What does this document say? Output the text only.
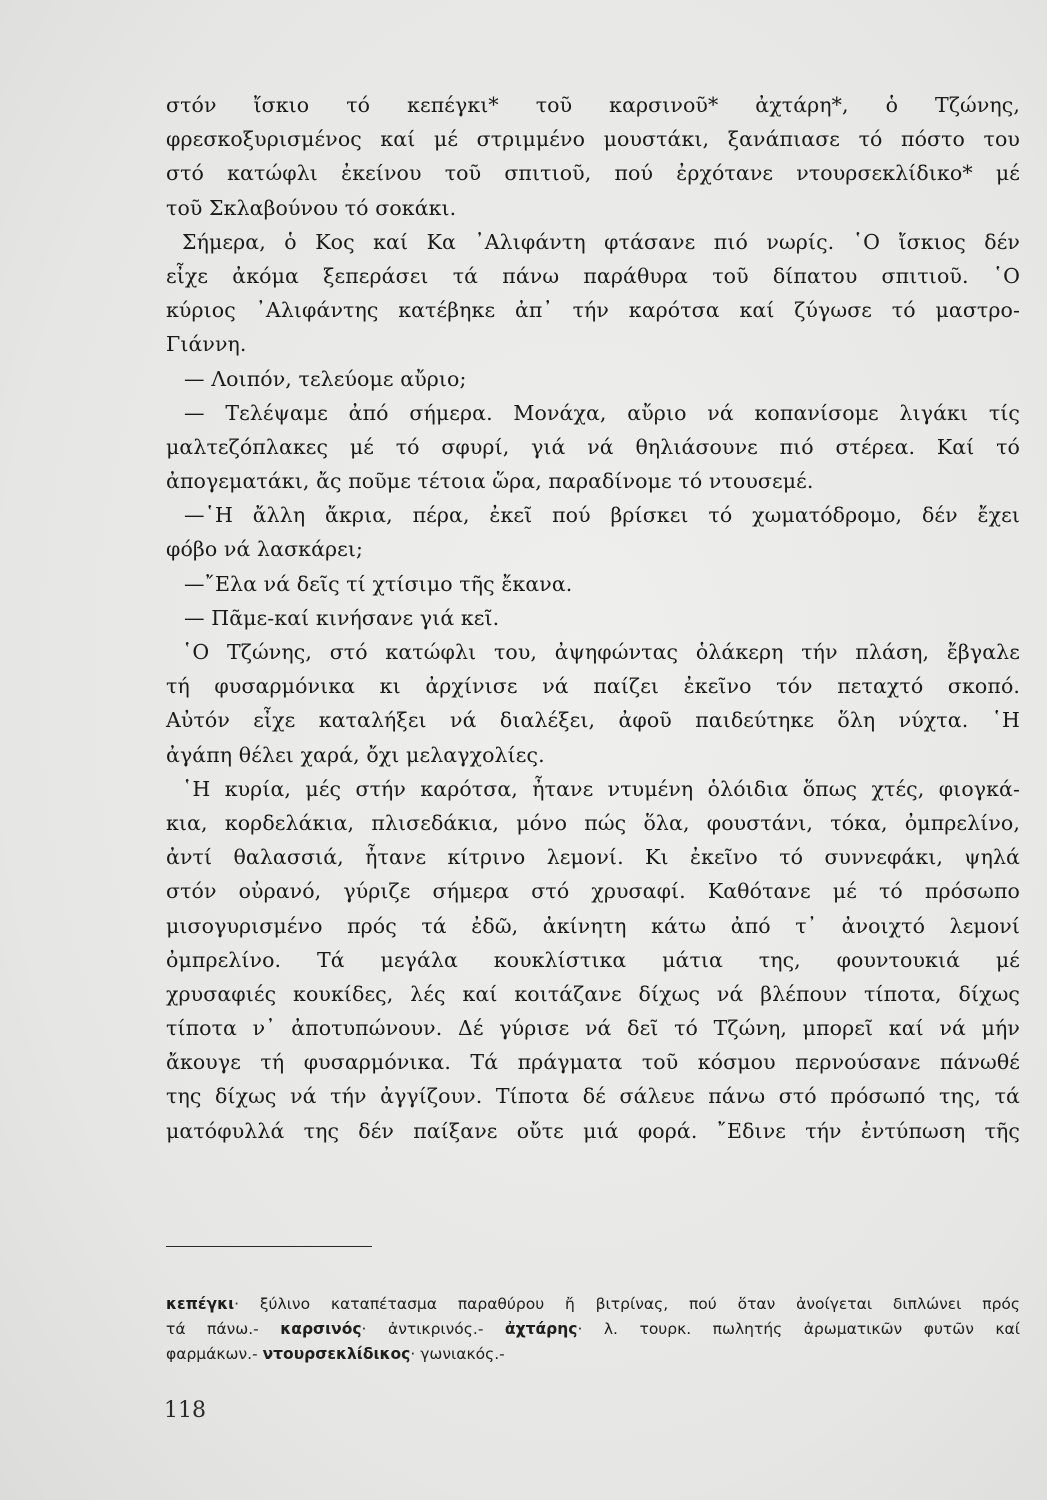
στόν ἴσκιο τό κεπέγκι* τοῦ καρσινοῦ* ἀχτάρη*, ὁ Τζώνης,
φρεσκοξυρισμένος καί μέ στριμμένο μουστάκι, ξανάπιασε τό πόστο του
στό κατώφλι ἐκείνου τοῦ σπιτιοῦ, πού ἐρχότανε ντουρσεκλίδικο* μέ
τοῦ Σκλαβούνου τό σοκάκι.
Σήμερα, ὁ Κος καί Κα ᾿Αλιφάντη φτάσανε πιό νωρίς. ῾Ο ἴσκιος δέν
εἶχε ἀκόμα ξεπεράσει τά πάνω παράθυρα τοῦ δίπατου σπιτιοῦ. ῾Ο
κύριος ᾿Αλιφάντης κατέβηκε ἀπ᾿ τήν καρότσα καί ζύγωσε τό μαστρο-
Γιάννη.
— Λοιπόν, τελεύομε αὔριο;
— Τελέψαμε ἀπό σήμερα. Μονάχα, αὔριο νά κοπανίσομε λιγάκι τίς
μαλτεζόπλακες μέ τό σφυρί, γιά νά θηλιάσουνε πιό στέρεα. Καί τό
ἀπογεματάκι, ἄς ποῦμε τέτοια ὥρα, παραδίνομε τό ντουσεμέ.
—῾Η ἄλλη ἄκρια, πέρα, ἐκεῖ πού βρίσκει τό χωματόδρομο, δέν ἔχει
φόβο νά λασκάρει;
—῎Ελα νά δεῖς τί χτίσιμο τῆς ἔκανα.
— Πᾶμε-καί κινήσανε γιά κεῖ.
῾Ο Τζώνης, στό κατώφλι του, ἀψηφώντας ὁλάκερη τήν πλάση, ἔβγαλε
τή φυσαρμόνικα κι ἀρχίνισε νά παίζει ἐκεῖνο τόν πεταχτό σκοπό.
Αὐτόν εἶχε καταλήξει νά διαλέξει, ἀφοῦ παιδεύτηκε ὅλη νύχτα. ῾Η
ἀγάπη θέλει χαρά, ὄχι μελαγχολίες.
῾Η κυρία, μές στήν καρότσα, ἦτανε ντυμένη ὁλόιδια ὅπως χτές, φιογκά-
κια, κορδελάκια, πλισεδάκια, μόνο πώς ὅλα, φουστάνι, τόκα, ὀμπρελίνο,
ἀντί θαλασσιά, ἦτανε κίτρινο λεμονί. Κι ἐκεῖνο τό συννεφάκι, ψηλά
στόν οὐρανό, γύριζε σήμερα στό χρυσαφί. Καθότανε μέ τό πρόσωπο
μισογυρισμένο πρός τά ἐδῶ, ἀκίνητη κάτω ἀπό τ᾿ ἀνοιχτό λεμονί
ὀμπρελίνο. Τά μεγάλα κουκλίστικα μάτια της, φουντουκιά μέ
χρυσαφιές κουκίδες, λές καί κοιτάζανε δίχως νά βλέπουν τίποτα, δίχως
τίποτα ν᾿ ἀποτυπώνουν. Δέ γύρισε νά δεῖ τό Τζώνη, μπορεῖ καί νά μήν
ἄκουγε τή φυσαρμόνικα. Τά πράγματα τοῦ κόσμου περνούσανε πάνωθέ
της δίχως νά τήν ἀγγίζουν. Τίποτα δέ σάλευε πάνω στό πρόσωπό της, τά
ματόφυλλά της δέν παίξανε οὔτε μιά φορά. ῎Εδινε τήν ἐντύπωση τῆς
κεπέγκι· ξύλινο καταπέτασμα παραθύρου ἤ βιτρίνας, πού ὅταν ἀνοίγεται διπλώνει πρός
τά πάνω.- καρσινός· ἀντικρινός.- ἀχτάρης· λ. τουρκ. πωλητής ἀρωματικῶν φυτῶν καί
φαρμάκων.- ντουρσεκλίδικος· γωνιακός.-
118
